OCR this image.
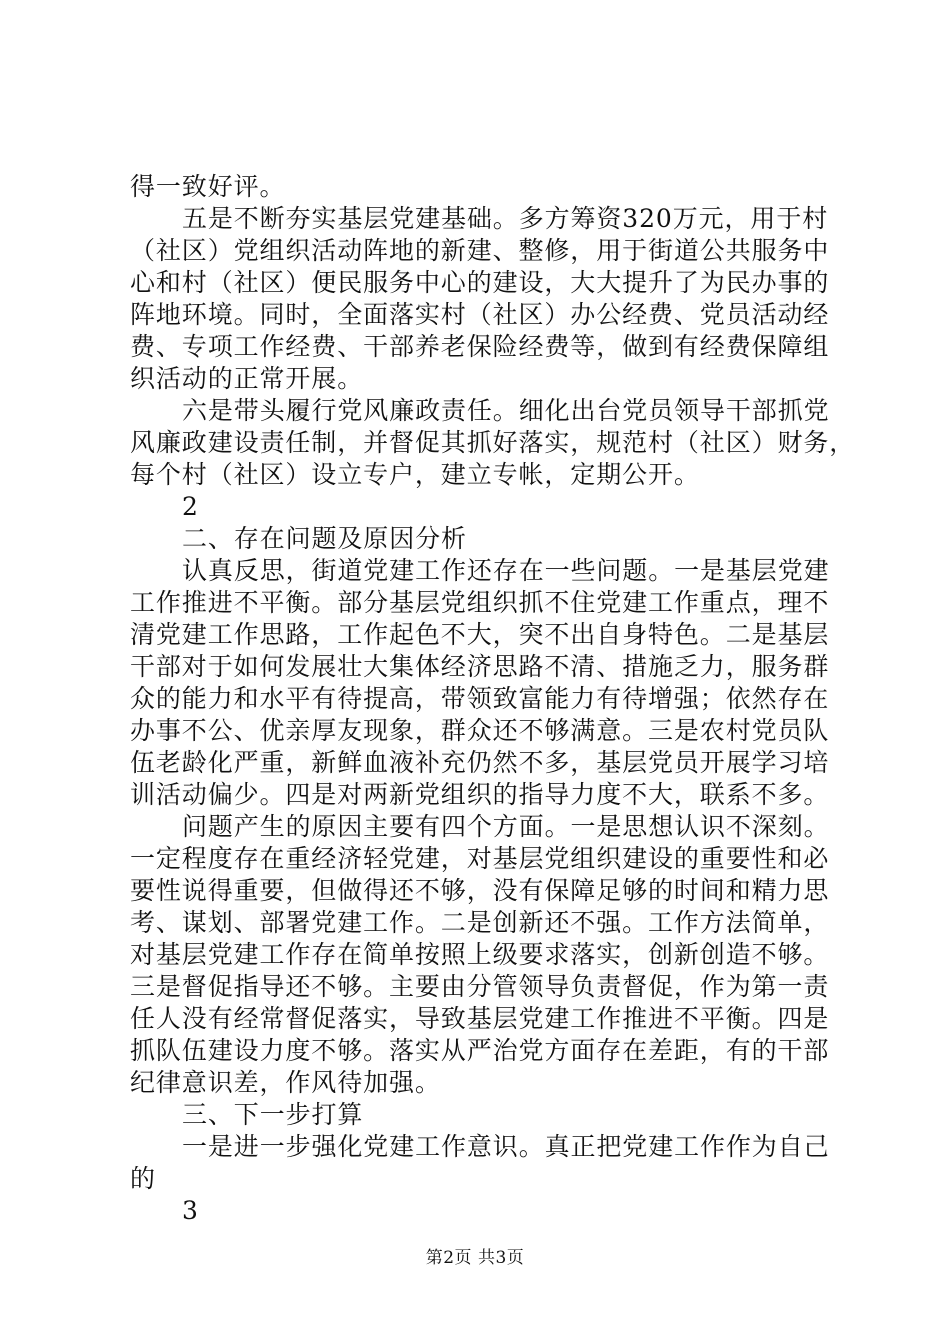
得一致好评。
五是不断夯实基层党建基础。多方筹资320万元，用于村
（社区）党组织活动阵地的新建、整修，用于街道公共服务中
心和村（社区）便民服务中心的建设，大大提升了为民办事的
阵地环境。同时，全面落实村（社区）办公经费、党员活动经
费、专项工作经费、干部养老保险经费等，做到有经费保障组
织活动的正常开展。
六是带头履行党风廉政责任。细化出台党员领导干部抓党
风廉政建设责任制，并督促其抓好落实，规范村（社区）财务，
每个村（社区）设立专户，建立专帐，定期公开。
2
二、存在问题及原因分析
认真反思，街道党建工作还存在一些问题。一是基层党建
工作推进不平衡。部分基层党组织抓不住党建工作重点，理不
清党建工作思路，工作起色不大，突不出自身特色。二是基层
干部对于如何发展壮大集体经济思路不清、措施乏力，服务群
众的能力和水平有待提高，带领致富能力有待增强；依然存在
办事不公、优亲厚友现象，群众还不够满意。三是农村党员队
伍老龄化严重，新鲜血液补充仍然不多，基层党员开展学习培
训活动偏少。四是对两新党组织的指导力度不大，联系不多。
问题产生的原因主要有四个方面。一是思想认识不深刻。
一定程度存在重经济轻党建，对基层党组织建设的重要性和必
要性说得重要，但做得还不够，没有保障足够的时间和精力思
考、谋划、部署党建工作。二是创新还不强。工作方法简单，
对基层党建工作存在简单按照上级要求落实，创新创造不够。
三是督促指导还不够。主要由分管领导负责督促，作为第一责
任人没有经常督促落实，导致基层党建工作推进不平衡。四是
抓队伍建设力度不够。落实从严治党方面存在差距，有的干部
纪律意识差，作风待加强。
三、下一步打算
一是进一步强化党建工作意识。真正把党建工作作为自己
的
第2页 共3页
3
